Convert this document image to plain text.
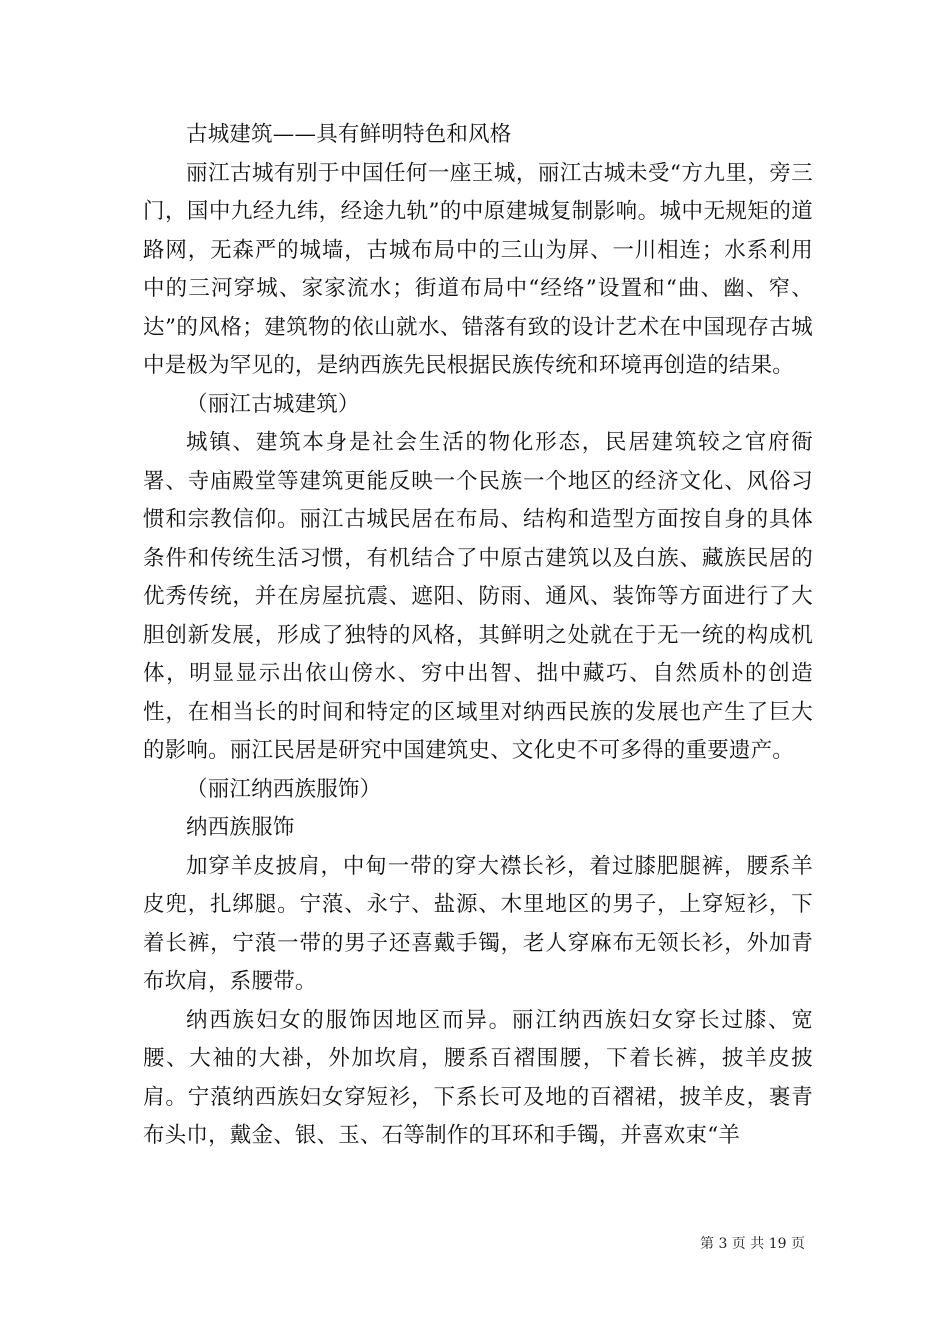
古城建筑——具有鲜明特色和风格

丽江古城有别于中国任何一座王城，丽江古城未受“方九里，旁三门，国中九经九纬，经途九轨”的中原建城复制影响。城中无规矩的道路网，无森严的城墙，古城布局中的三山为屏、一川相连；水系利用中的三河穿城、家家流水；街道布局中“经络”设置和“曲、幽、窄、达”的风格；建筑物的依山就水、错落有致的设计艺术在中国现存古城中是极为罕见的，是纳西族先民根据民族传统和环境再创造的结果。

（丽江古城建筑）

城镇、建筑本身是社会生活的物化形态，民居建筑较之官府衙署、寺庙殿堂等建筑更能反映一个民族一个地区的经济文化、风俗习惯和宗教信仰。丽江古城民居在布局、结构和造型方面按自身的具体条件和传统生活习惯，有机结合了中原古建筑以及白族、藏族民居的优秀传统，并在房屋抗震、遮阳、防雨、通风、装饰等方面进行了大胆创新发展，形成了独特的风格，其鲜明之处就在于无一统的构成机体，明显显示出依山傍水、穷中出智、拙中藏巧、自然质朴的创造性，在相当长的时间和特定的区域里对纳西民族的发展也产生了巨大的影响。丽江民居是研究中国建筑史、文化史不可多得的重要遗产。

（丽江纳西族服饰）

纳西族服饰

加穿羊皮披肩，中甸一带的穿大襟长衫，着过膝肥腿裤，腰系羊皮兜，扎绑腿。宁蒗、永宁、盐源、木里地区的男子，上穿短衫，下着长裤，宁蒗一带的男子还喜戴手镯，老人穿麻布无领长衫，外加青布坎肩，系腰带。

纳西族妇女的服饰因地区而异。丽江纳西族妇女穿长过膝、宽腰、大袖的大褂，外加坎肩，腰系百褶围腰，下着长裤，披羊皮披肩。宁蒗纳西族妇女穿短衫，下系长可及地的百褶裙，披羊皮，裹青布头巾，戴金、银、玉、石等制作的耳环和手镯，并喜欢束“羊

第 3 页 共 19 页
